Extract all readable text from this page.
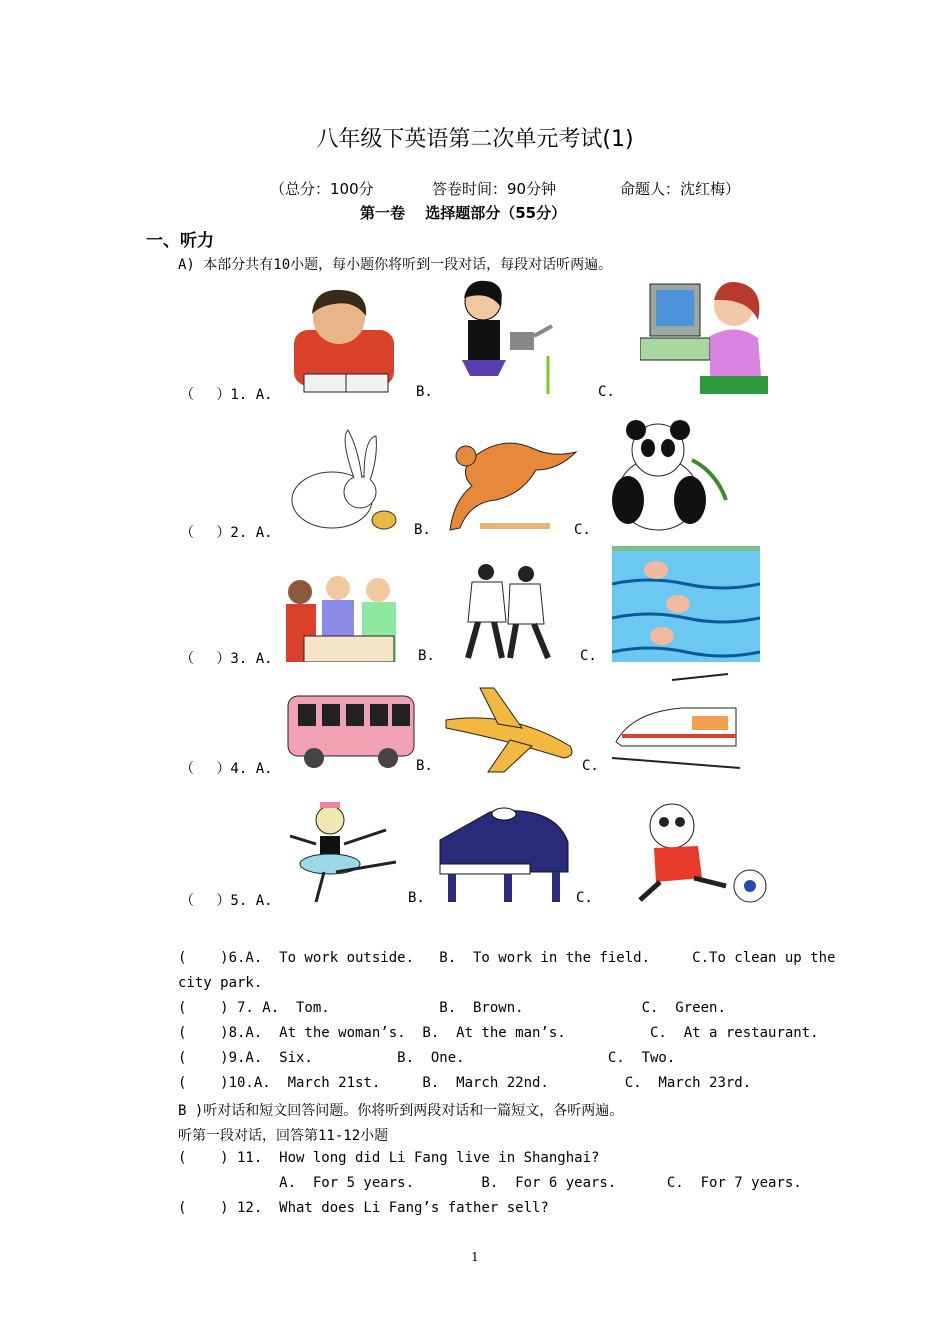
八年级下英语第二次单元考试(1)
（总分：100分	答卷时间：90分钟	命题人：沈红梅）
第一卷　 选择题部分（55分）
一、听力
A) 本部分共有10小题，每小题你将听到一段对话，每段对话听两遍。
（　 ）1. A.	B.	C.
（　 ）2. A.	B.	C.
（　 ）3. A.	B.	C.
（　 ）4. A.	B.	C.
（　 ）5. A.	B.	C.
(    )6.A.  To work outside.   B.  To work in the field.     C.To clean up the
city park.
(    ) 7. A.  Tom.             B.  Brown.              C.  Green.
(    )8.A.  At the woman’s.  B.  At the man’s.          C.  At a restaurant.
(    )9.A.  Six.          B.  One.                 C.  Two.
(    )10.A.  March 21st.     B.  March 22nd.         C.  March 23rd.
B )听对话和短文回答问题。你将听到两段对话和一篇短文，各听两遍。
听第一段对话，回答第11-12小题
(    ) 11.  How long did Li Fang live in Shanghai?
A.  For 5 years.        B.  For 6 years.      C.  For 7 years.
(    ) 12.  What does Li Fang’s father sell?
1
